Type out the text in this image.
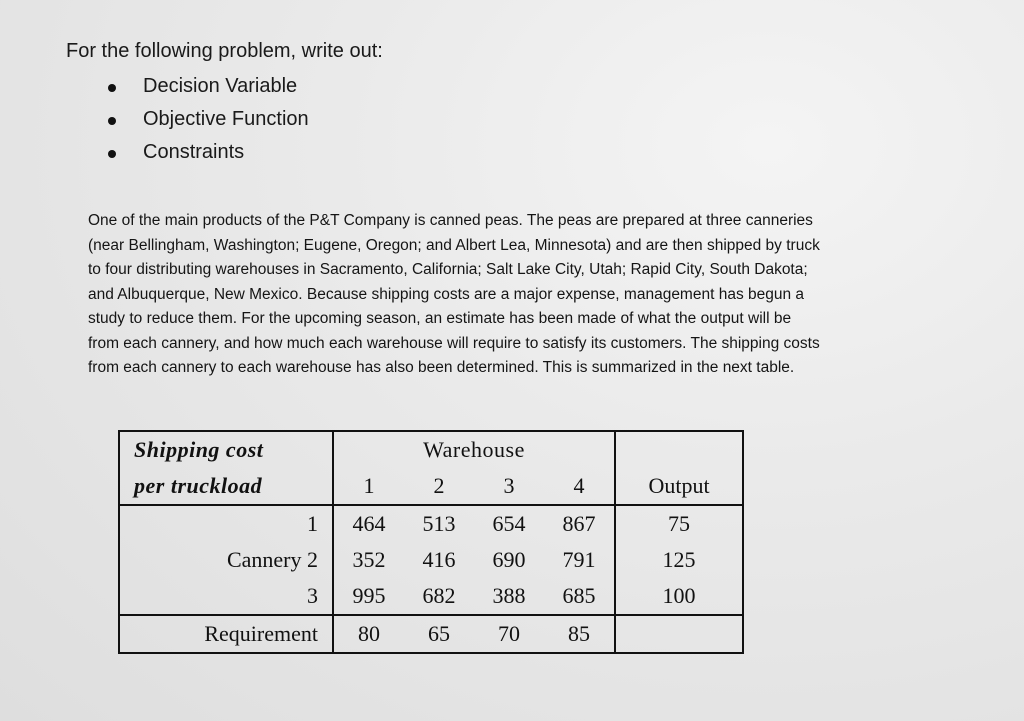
For the following problem, write out:
Decision Variable
Objective Function
Constraints
One of the main products of the P&T Company is canned peas. The peas are prepared at three canneries
(near Bellingham, Washington; Eugene, Oregon; and Albert Lea, Minnesota) and are then shipped by truck
to four distributing warehouses in Sacramento, California; Salt Lake City, Utah; Rapid City, South Dakota;
and Albuquerque, New Mexico. Because shipping costs are a major expense, management has begun a
study to reduce them. For the upcoming season, an estimate has been made of what the output will be
from each cannery, and how much each warehouse will require to satisfy its customers. The shipping costs
from each cannery to each warehouse has also been determined. This is summarized in the next table.
Shipping cost	Warehouse				
per truckload	1	2	3	4	Output
1	464	513	654	867	75
Cannery 2	352	416	690	791	125
3	995	682	388	685	100
Requirement	80	65	70	85	
